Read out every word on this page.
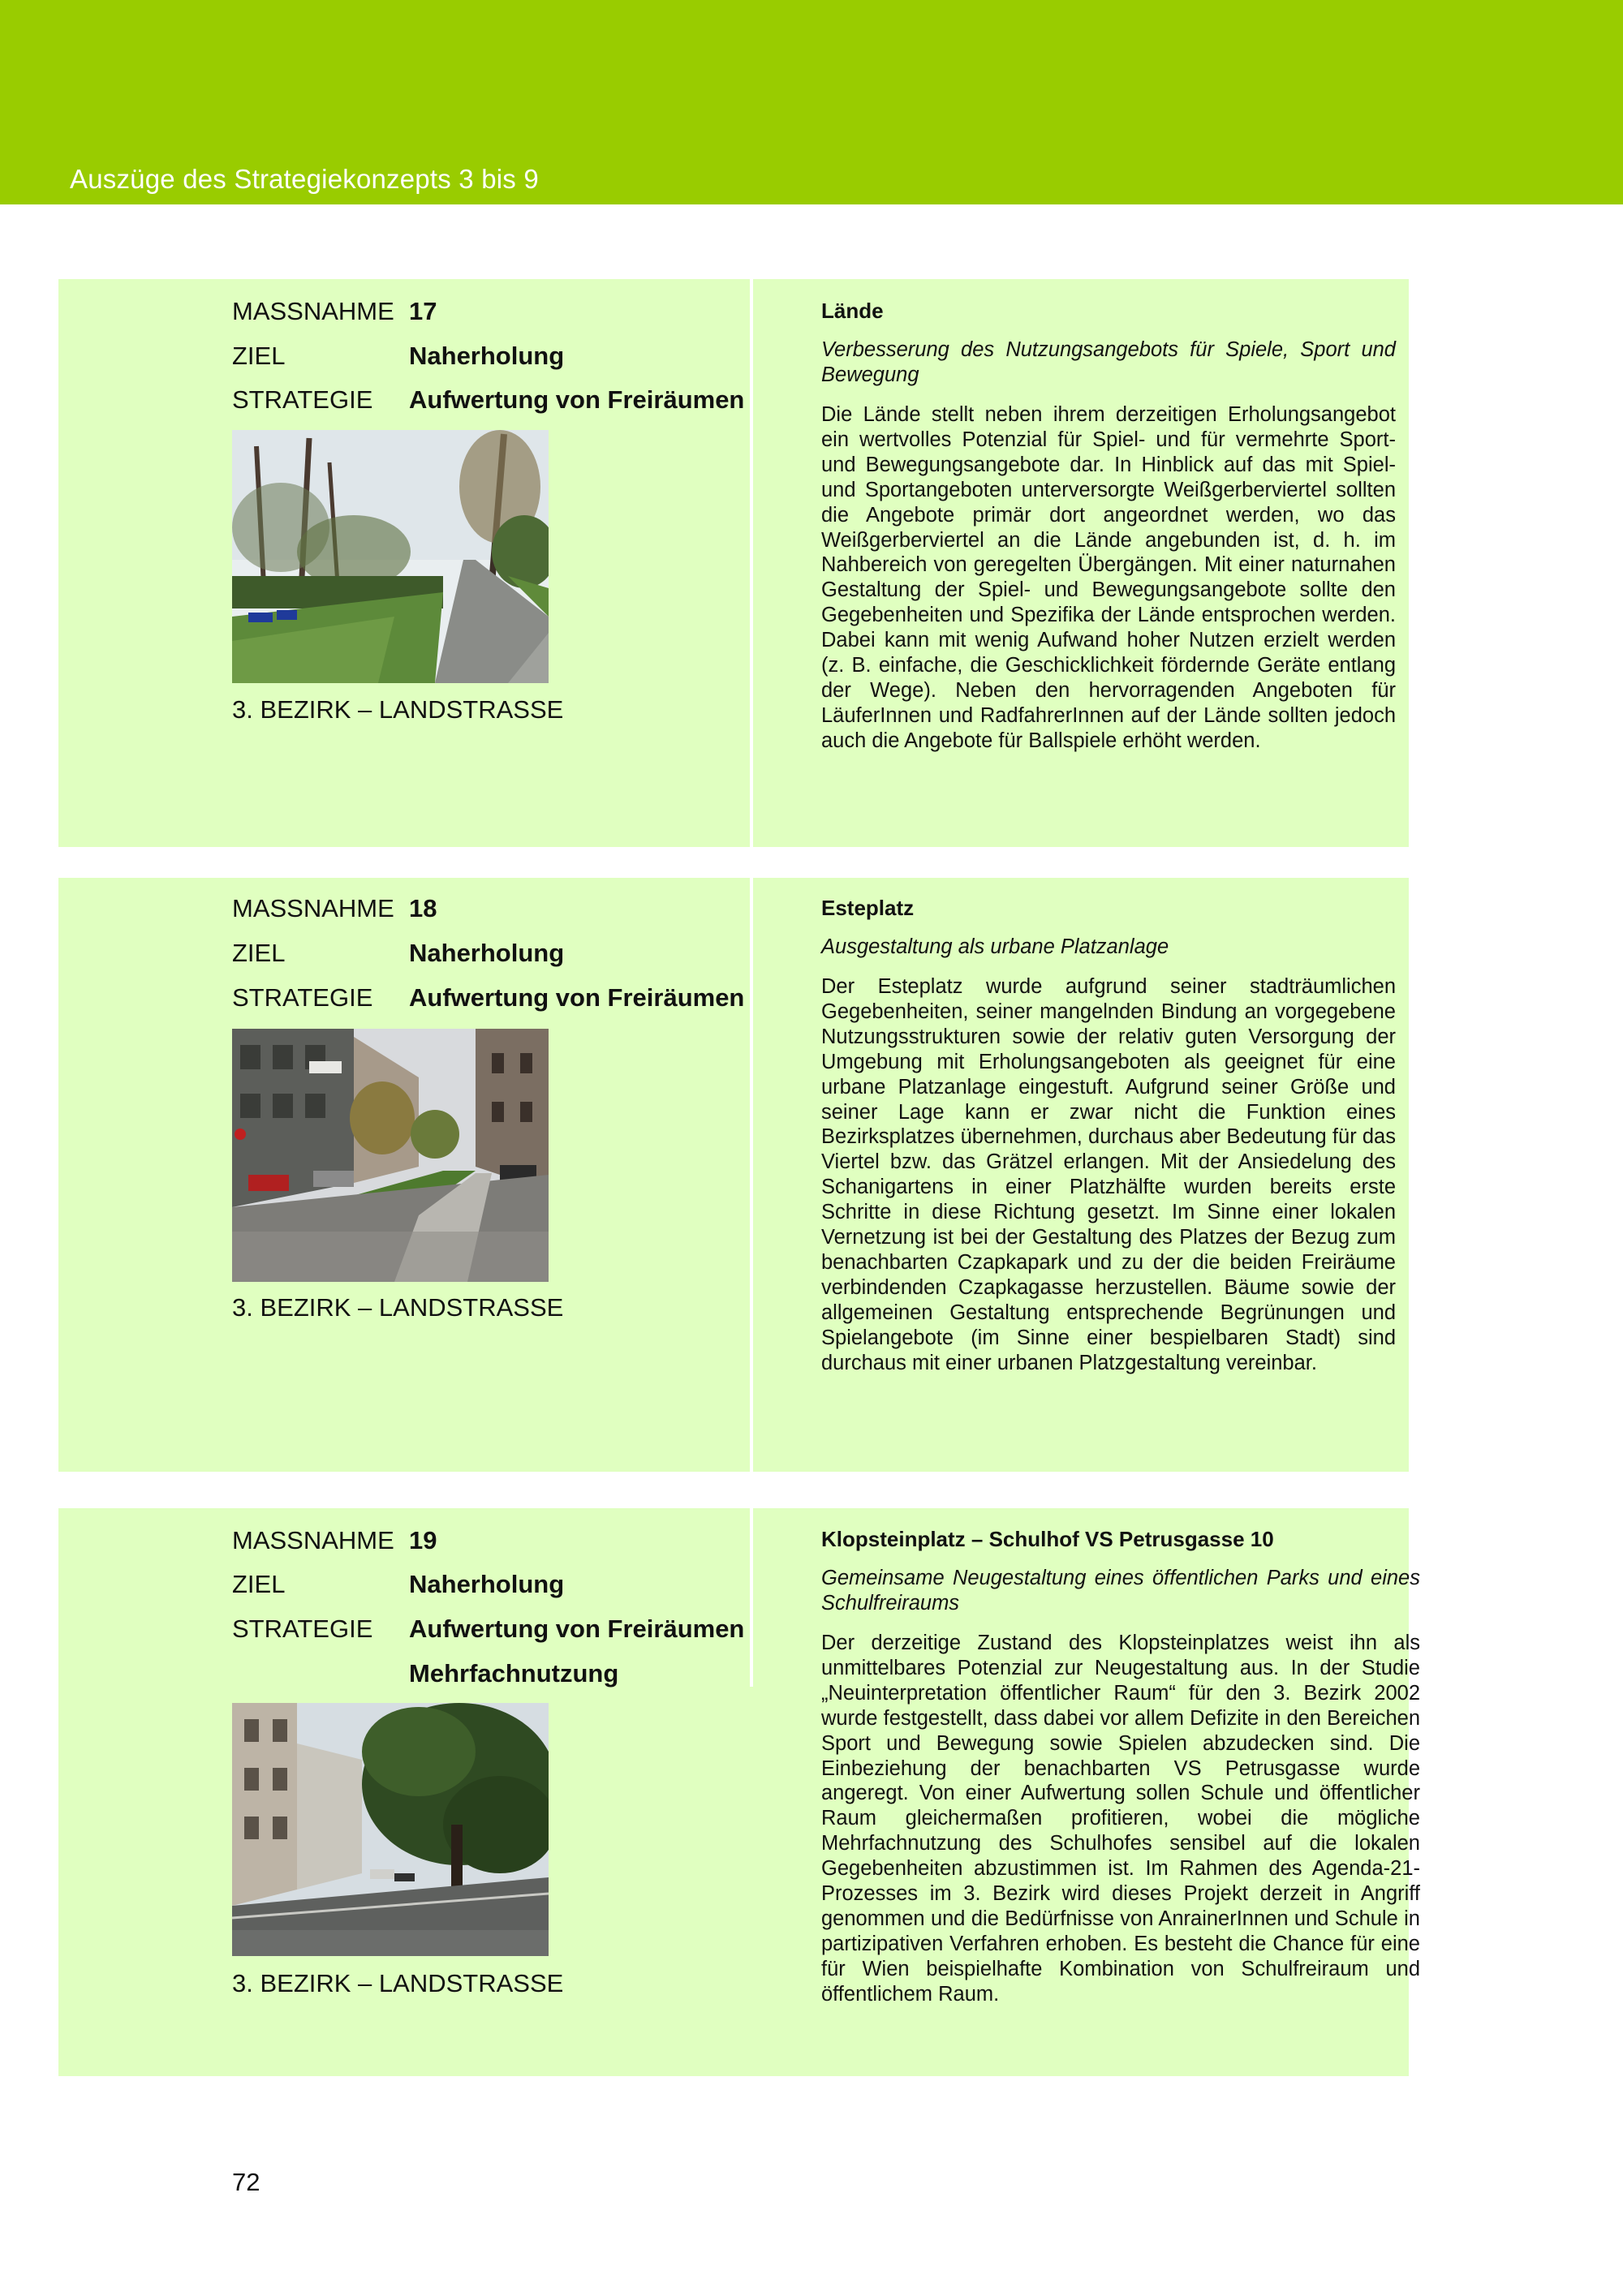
Auszüge des Strategiekonzepts 3 bis 9
MASSNAHME 17
ZIEL	Naherholung
STRATEGIE Aufwertung von Freiräumen
3. BEZIRK – LANDSTRASSE

Lände

Verbesserung des Nutzungsangebots für Spiele, Sport und Bewegung

Die Lände stellt neben ihrem derzeitigen Erholungsangebot ein wertvolles Potenzial für Spiel- und für vermehrte Sport- und Bewegungsangebote dar. In Hinblick auf das mit Spiel- und Sportangeboten unterversorgte Weißgerberviertel sollten die Angebote primär dort angeordnet werden, wo das Weißgerberviertel an die Lände angebunden ist, d. h. im Nahbereich von geregelten Übergängen. Mit einer naturnahen Gestaltung der Spiel- und Bewegungsangebote sollte den Gegebenheiten und Spezifika der Lände entsprochen werden. Dabei kann mit wenig Aufwand hoher Nutzen erzielt werden (z. B. einfache, die Geschicklichkeit fördernde Geräte entlang der Wege). Neben den hervorragenden Angeboten für LäuferInnen und RadfahrerInnen auf der Lände sollten jedoch auch die Angebote für Ballspiele erhöht werden.

MASSNAHME 18
ZIEL	Naherholung
STRATEGIE Aufwertung von Freiräumen
3. BEZIRK – LANDSTRASSE

Esteplatz

Ausgestaltung als urbane Platzanlage

Der Esteplatz wurde aufgrund seiner stadträumlichen Gegebenheiten, seiner mangelnden Bindung an vorgegebene Nutzungsstrukturen sowie der relativ guten Versorgung der Umgebung mit Erholungsangeboten als geeignet für eine urbane Platzanlage eingestuft. Aufgrund seiner Größe und seiner Lage kann er zwar nicht die Funktion eines Bezirksplatzes übernehmen, durchaus aber Bedeutung für das Viertel bzw. das Grätzel erlangen. Mit der Ansiedelung des Schanigartens in einer Platzhälfte wurden bereits erste Schritte in diese Richtung gesetzt. Im Sinne einer lokalen Vernetzung ist bei der Gestaltung des Platzes der Bezug zum benachbarten Czapkapark und zu der die beiden Freiräume verbindenden Czapkagasse herzustellen. Bäume sowie der allgemeinen Gestaltung entsprechende Begrünungen und Spielangebote (im Sinne einer bespielbaren Stadt) sind durchaus mit einer urbanen Platzgestaltung vereinbar.

MASSNAHME 19
ZIEL	Naherholung
STRATEGIE Aufwertung von Freiräumen
Mehrfachnutzung
3. BEZIRK – LANDSTRASSE

Klopsteinplatz – Schulhof VS Petrusgasse 10

Gemeinsame Neugestaltung eines öffentlichen Parks und eines Schulfreiraums

Der derzeitige Zustand des Klopsteinplatzes weist ihn als unmittelbares Potenzial zur Neugestaltung aus. In der Studie „Neuinterpretation öffentlicher Raum“ für den 3. Bezirk 2002 wurde festgestellt, dass dabei vor allem Defizite in den Bereichen Sport und Bewegung sowie Spielen abzudecken sind. Die Einbeziehung der benachbarten VS Petrusgasse wurde angeregt. Von einer Aufwertung sollen Schule und öffentlicher Raum gleichermaßen profitieren, wobei die mögliche Mehrfachnutzung des Schulhofes sensibel auf die lokalen Gegebenheiten abzustimmen ist. Im Rahmen des Agenda-21-Prozesses im 3. Bezirk wird dieses Projekt derzeit in Angriff genommen und die Bedürfnisse von AnrainerInnen und Schule in partizipativen Verfahren erhoben. Es besteht die Chance für eine für Wien beispielhafte Kombination von Schulfreiraum und öffentlichem Raum.

72
